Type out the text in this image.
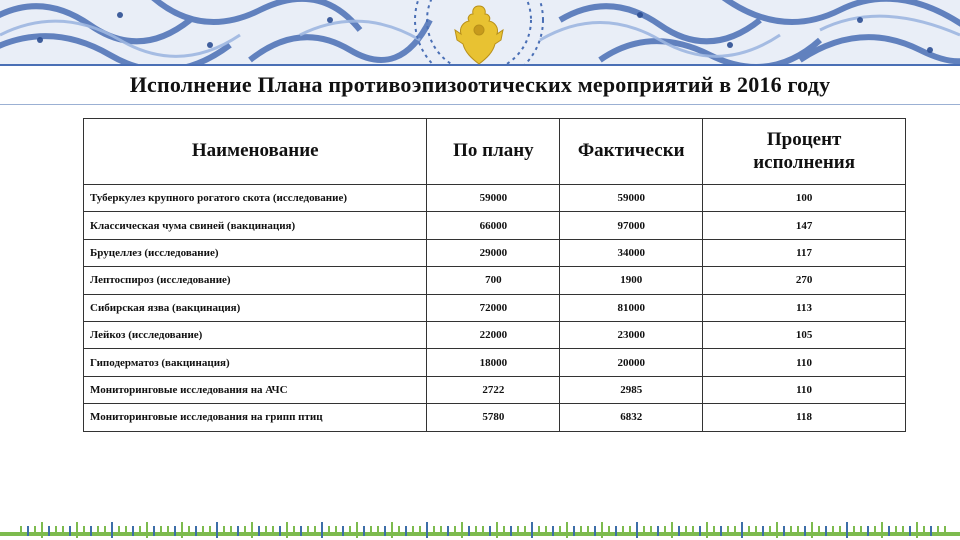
Исполнение Плана противоэпизоотических мероприятий в 2016 году
Наименование	По плану	Фактически	Процент
исполнения
Туберкулез крупного рогатого скота (исследование)	59000	59000	100
Классическая чума свиней (вакцинация)	66000	97000	147
Бруцеллез (исследование)	29000	34000	117
Лептоспироз (исследование)	700	1900	270
Сибирская язва (вакцинация)	72000	81000	113
Лейкоз (исследование)	22000	23000	105
Гиподерматоз (вакцинация)	18000	20000	110
Мониторинговые исследования на АЧС	2722	2985	110
Мониторинговые исследования на грипп птиц	5780	6832	118
